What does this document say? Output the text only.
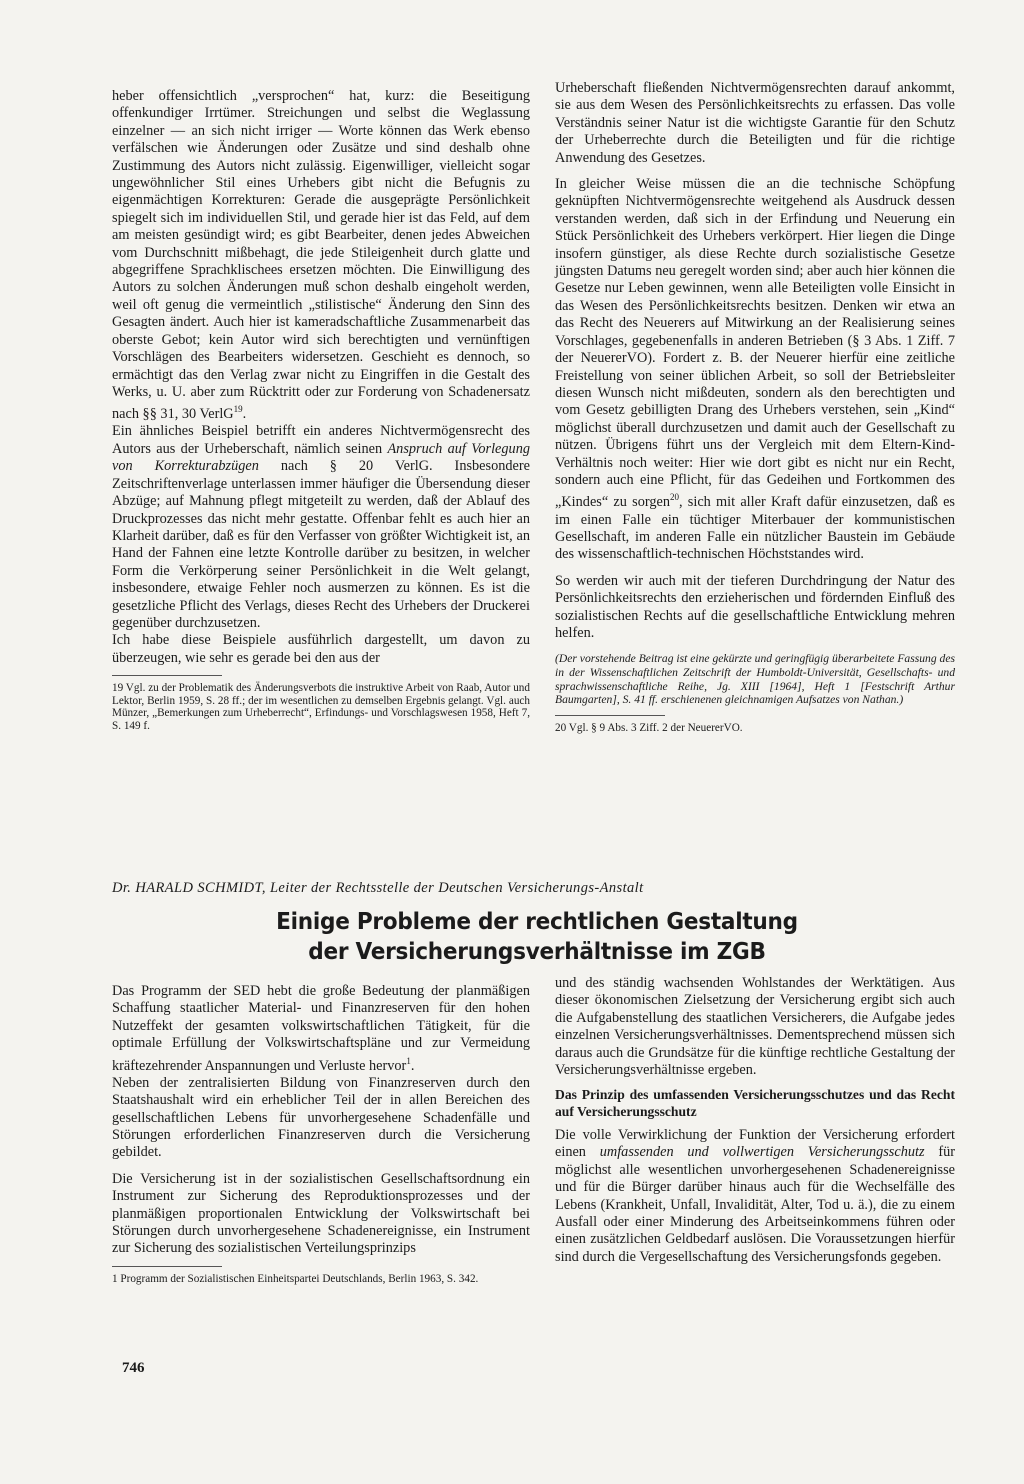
heber offensichtlich „versprochen“ hat, kurz: die Beseitigung offenkundiger Irrtümer. Streichungen und selbst die Weglassung einzelner — an sich nicht irriger — Worte können das Werk ebenso verfälschen wie Änderungen oder Zusätze und sind deshalb ohne Zustimmung des Autors nicht zulässig. Eigenwilliger, vielleicht sogar ungewöhnlicher Stil eines Urhebers gibt nicht die Befugnis zu eigenmächtigen Korrekturen: Gerade die ausgeprägte Persönlichkeit spiegelt sich im individuellen Stil, und gerade hier ist das Feld, auf dem am meisten gesündigt wird; es gibt Bearbeiter, denen jedes Abweichen vom Durchschnitt mißbehagt, die jede Stileigenheit durch glatte und abgegriffene Sprachklischees ersetzen möchten. Die Einwilligung des Autors zu solchen Änderungen muß schon deshalb eingeholt werden, weil oft genug die vermeintlich „stilistische“ Änderung den Sinn des Gesagten ändert. Auch hier ist kameradschaftliche Zusammenarbeit das oberste Gebot; kein Autor wird sich berechtigten und vernünftigen Vorschlägen des Bearbeiters widersetzen. Geschieht es dennoch, so ermächtigt das den Verlag zwar nicht zu Eingriffen in die Gestalt des Werks, u. U. aber zum Rücktritt oder zur Forderung von Schadenersatz nach §§ 31, 30 VerlG$^{19}$.

Ein ähnliches Beispiel betrifft ein anderes Nichtvermögensrecht des Autors aus der Urheberschaft, nämlich seinen Anspruch auf Vorlegung von Korrekturabzügen nach § 20 VerlG. Insbesondere Zeitschriftenverlage unterlassen immer häufiger die Übersendung dieser Abzüge; auf Mahnung pflegt mitgeteilt zu werden, daß der Ablauf des Druckprozesses das nicht mehr gestatte. Offenbar fehlt es auch hier an Klarheit darüber, daß es für den Verfasser von größter Wichtigkeit ist, an Hand der Fahnen eine letzte Kontrolle darüber zu besitzen, in welcher Form die Verkörperung seiner Persönlichkeit in die Welt gelangt, insbesondere, etwaige Fehler noch ausmerzen zu können. Es ist die gesetzliche Pflicht des Verlags, dieses Recht des Urhebers der Druckerei gegenüber durchzusetzen.

Ich habe diese Beispiele ausführlich dargestellt, um davon zu überzeugen, wie sehr es gerade bei den aus der

19 Vgl. zu der Problematik des Änderungsverbots die instruktive Arbeit von Raab, Autor und Lektor, Berlin 1959, S. 28 ff.; der im wesentlichen zu demselben Ergebnis gelangt. Vgl. auch Münzer, „Bemerkungen zum Urheberrecht“, Erfindungs- und Vorschlagswesen 1958, Heft 7, S. 149 f.

Urheberschaft fließenden Nichtvermögensrechten darauf ankommt, sie aus dem Wesen des Persönlichkeitsrechts zu erfassen. Das volle Verständnis seiner Natur ist die wichtigste Garantie für den Schutz der Urheberrechte durch die Beteiligten und für die richtige Anwendung des Gesetzes.

In gleicher Weise müssen die an die technische Schöpfung geknüpften Nichtvermögensrechte weitgehend als Ausdruck dessen verstanden werden, daß sich in der Erfindung und Neuerung ein Stück Persönlichkeit des Urhebers verkörpert. Hier liegen die Dinge insofern günstiger, als diese Rechte durch sozialistische Gesetze jüngsten Datums neu geregelt worden sind; aber auch hier können die Gesetze nur Leben gewinnen, wenn alle Beteiligten volle Einsicht in das Wesen des Persönlichkeitsrechts besitzen. Denken wir etwa an das Recht des Neuerers auf Mitwirkung an der Realisierung seines Vorschlages, gegebenenfalls in anderen Betrieben (§ 3 Abs. 1 Ziff. 7 der NeuererVO). Fordert z. B. der Neuerer hierfür eine zeitliche Freistellung von seiner üblichen Arbeit, so soll der Betriebsleiter diesen Wunsch nicht mißdeuten, sondern als den berechtigten und vom Gesetz gebilligten Drang des Urhebers verstehen, sein „Kind“ möglichst überall durchzusetzen und damit auch der Gesellschaft zu nützen. Übrigens führt uns der Vergleich mit dem Eltern-Kind-Verhältnis noch weiter: Hier wie dort gibt es nicht nur ein Recht, sondern auch eine Pflicht, für das Gedeihen und Fortkommen des „Kindes“ zu sorgen$^{20}$, sich mit aller Kraft dafür einzusetzen, daß es im einen Falle ein tüchtiger Miterbauer der kommunistischen Gesellschaft, im anderen Falle ein nützlicher Baustein im Gebäude des wissenschaftlich-technischen Höchststandes wird.

So werden wir auch mit der tieferen Durchdringung der Natur des Persönlichkeitsrechts den erzieherischen und fördernden Einfluß des sozialistischen Rechts auf die gesellschaftliche Entwicklung mehren helfen.

(Der vorstehende Beitrag ist eine gekürzte und geringfügig überarbeitete Fassung des in der Wissenschaftlichen Zeitschrift der Humboldt-Universität, Gesellschafts- und sprachwissenschaftliche Reihe, Jg. XIII [1964], Heft 1 [Festschrift Arthur Baumgarten], S. 41 ff. erschienenen gleichnamigen Aufsatzes von Nathan.)
20 Vgl. § 9 Abs. 3 Ziff. 2 der NeuererVO.
Dr. HARALD SCHMIDT, Leiter der Rechtsstelle der Deutschen Versicherungs-Anstalt
Einige Probleme der rechtlichen Gestaltung
der Versicherungsverhältnisse im ZGB

Das Programm der SED hebt die große Bedeutung der planmäßigen Schaffung staatlicher Material- und Finanzreserven für den hohen Nutzeffekt der gesamten volkswirtschaftlichen Tätigkeit, für die optimale Erfüllung der Volkswirtschaftspläne und zur Vermeidung kräftezehrender Anspannungen und Verluste hervor$^1$.

Neben der zentralisierten Bildung von Finanzreserven durch den Staatshaushalt wird ein erheblicher Teil der in allen Bereichen des gesellschaftlichen Lebens für unvorhergesehene Schadenfälle und Störungen erforderlichen Finanzreserven durch die Versicherung gebildet.

Die Versicherung ist in der sozialistischen Gesellschaftsordnung ein Instrument zur Sicherung des Reproduktionsprozesses und der planmäßigen proportionalen Entwicklung der Volkswirtschaft bei Störungen durch unvorhergesehene Schadenereignisse, ein Instrument zur Sicherung des sozialistischen Verteilungsprinzips

1 Programm der Sozialistischen Einheitspartei Deutschlands, Berlin 1963, S. 342.

und des ständig wachsenden Wohlstandes der Werktätigen. Aus dieser ökonomischen Zielsetzung der Versicherung ergibt sich auch die Aufgabenstellung des staatlichen Versicherers, die Aufgabe jedes einzelnen Versicherungsverhältnisses. Dementsprechend müssen sich daraus auch die Grundsätze für die künftige rechtliche Gestaltung der Versicherungsverhältnisse ergeben.

Das Prinzip des umfassenden Versicherungsschutzes und das Recht auf Versicherungsschutz

Die volle Verwirklichung der Funktion der Versicherung erfordert einen umfassenden und vollwertigen Versicherungsschutz für möglichst alle wesentlichen unvorhergesehenen Schadenereignisse und für die Bürger darüber hinaus auch für die Wechselfälle des Lebens (Krankheit, Unfall, Invalidität, Alter, Tod u. ä.), die zu einem Ausfall oder einer Minderung des Arbeitseinkommens führen oder einen zusätzlichen Geldbedarf auslösen. Die Voraussetzungen hierfür sind durch die Vergesellschaftung des Versicherungsfonds gegeben.

746
